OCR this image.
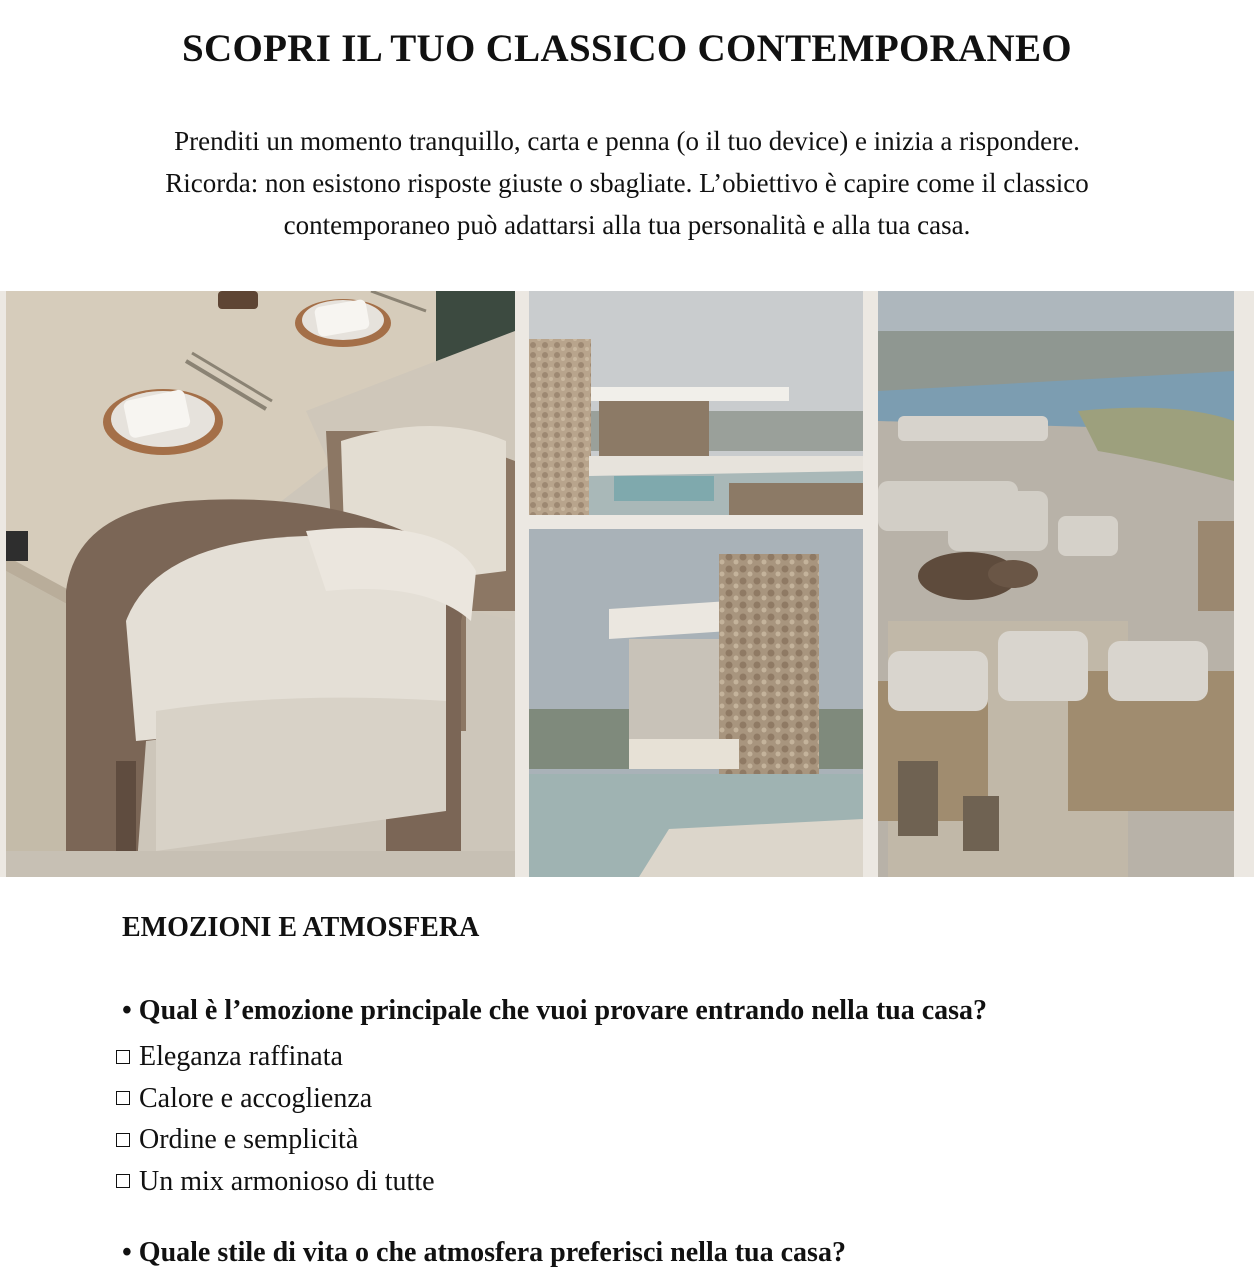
SCOPRI IL TUO CLASSICO CONTEMPORANEO

Prenditi un momento tranquillo, carta e penna (o il tuo device) e inizia a rispondere.
Ricorda: non esistono risposte giuste o sbagliate. L’obiettivo è capire come il classico
contemporaneo può adattarsi alla tua personalità e alla tua casa.

EMOZIONI E ATMOSFERA

• Qual è l’emozione principale che vuoi provare entrando nella tua casa?

Eleganza raffinata
Calore e accoglienza
Ordine e semplicità
Un mix armonioso di tutte

• Quale stile di vita o che atmosfera preferisci nella tua casa?
